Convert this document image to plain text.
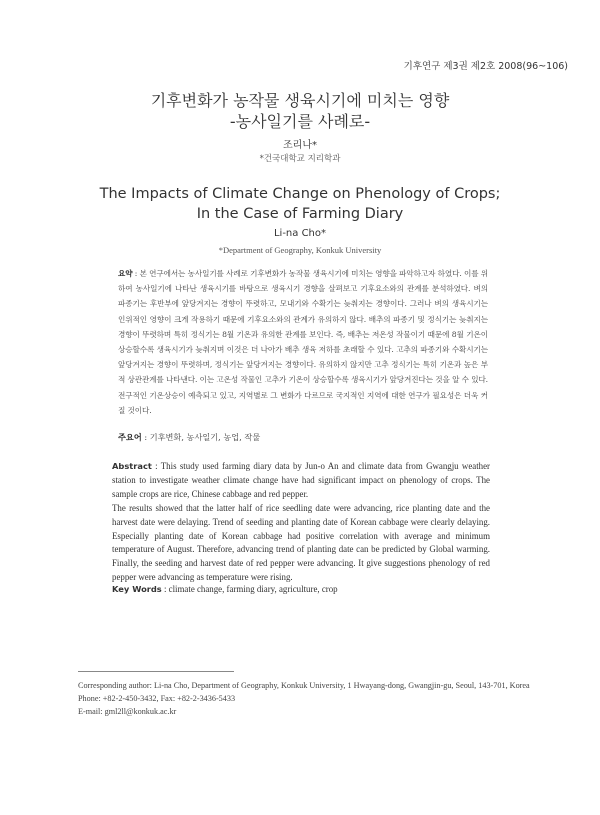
기후연구 제3권 제2호 2008(96~106)
기후변화가 농작물 생육시기에 미치는 영향
-농사일기를 사례로-
조리나*
*건국대학교 지리학과
The Impacts of Climate Change on Phenology of Crops;
In the Case of Farming Diary
Li-na Cho*
*Department of Geography, Konkuk University
요약 : 본 연구에서는 농사일기를 사례로 기후변화가 농작물 생육시기에 미치는 영향을 파악하고자 하였다. 이를 위하여 농사일기에 나타난 생육시기를 바탕으로 생육시기 경향을 살펴보고 기후요소와의 관계를 분석하였다. 벼의 파종기는 후반부에 앞당겨지는 경향이 뚜렷하고, 모내기와 수확기는 늦춰지는 경향이다. 그러나 벼의 생육시기는 인위적인 영향이 크게 작용하기 때문에 기후요소와의 관계가 유의하지 않다. 배추의 파종기 및 정식기는 늦춰지는 경향이 뚜렷하며 특히 정식기는 8월 기온과 유의한 관계를 보인다. 즉, 배추는 저온성 작물이기 때문에 8월 기온이 상승할수록 생육시기가 늦춰지며 이것은 더 나아가 배추 생육 저하를 초래할 수 있다. 고추의 파종기와 수확시기는 앞당겨지는 경향이 뚜렷하며, 정식기는 앞당겨지는 경향이다. 유의하지 않지만 고추 정식기는 특히 기온과 높은 부적 상관관계를 나타낸다. 이는 고온성 작물인 고추가 기온이 상승할수록 생육시기가 앞당겨진다는 것을 알 수 있다. 전구적인 기온상승이 예측되고 있고, 지역별로 그 변화가 다르므로 국지적인 지역에 대한 연구가 필요성은 더욱 커질 것이다.
주요어 : 기후변화, 농사일기, 농업, 작물

Abstract : This study used farming diary data by Jun-o An and climate data from Gwangju weather station to investigate weather climate change have had significant impact on phenology of crops. The sample crops are rice, Chinese cabbage and red pepper.

The results showed that the latter half of rice seedling date were advancing, rice planting date and the harvest date were delaying. Trend of seeding and planting date of Korean cabbage were clearly delaying. Especially planting date of Korean cabbage had positive correlation with average and minimum temperature of August. Therefore, advancing trend of planting date can be predicted by Global warming. Finally, the seeding and harvest date of red pepper were advancing. It give suggestions phenology of red pepper were advancing as temperature were rising.

Key Words : climate change, farming diary, agriculture, crop
Corresponding author: Li-na Cho, Department of Geography, Konkuk University, 1 Hwayang-dong, Gwangjin-gu, Seoul, 143-701, Korea
Phone: +82-2-450-3432, Fax: +82-2-3436-5433
E-mail: gml2ll@konkuk.ac.kr
